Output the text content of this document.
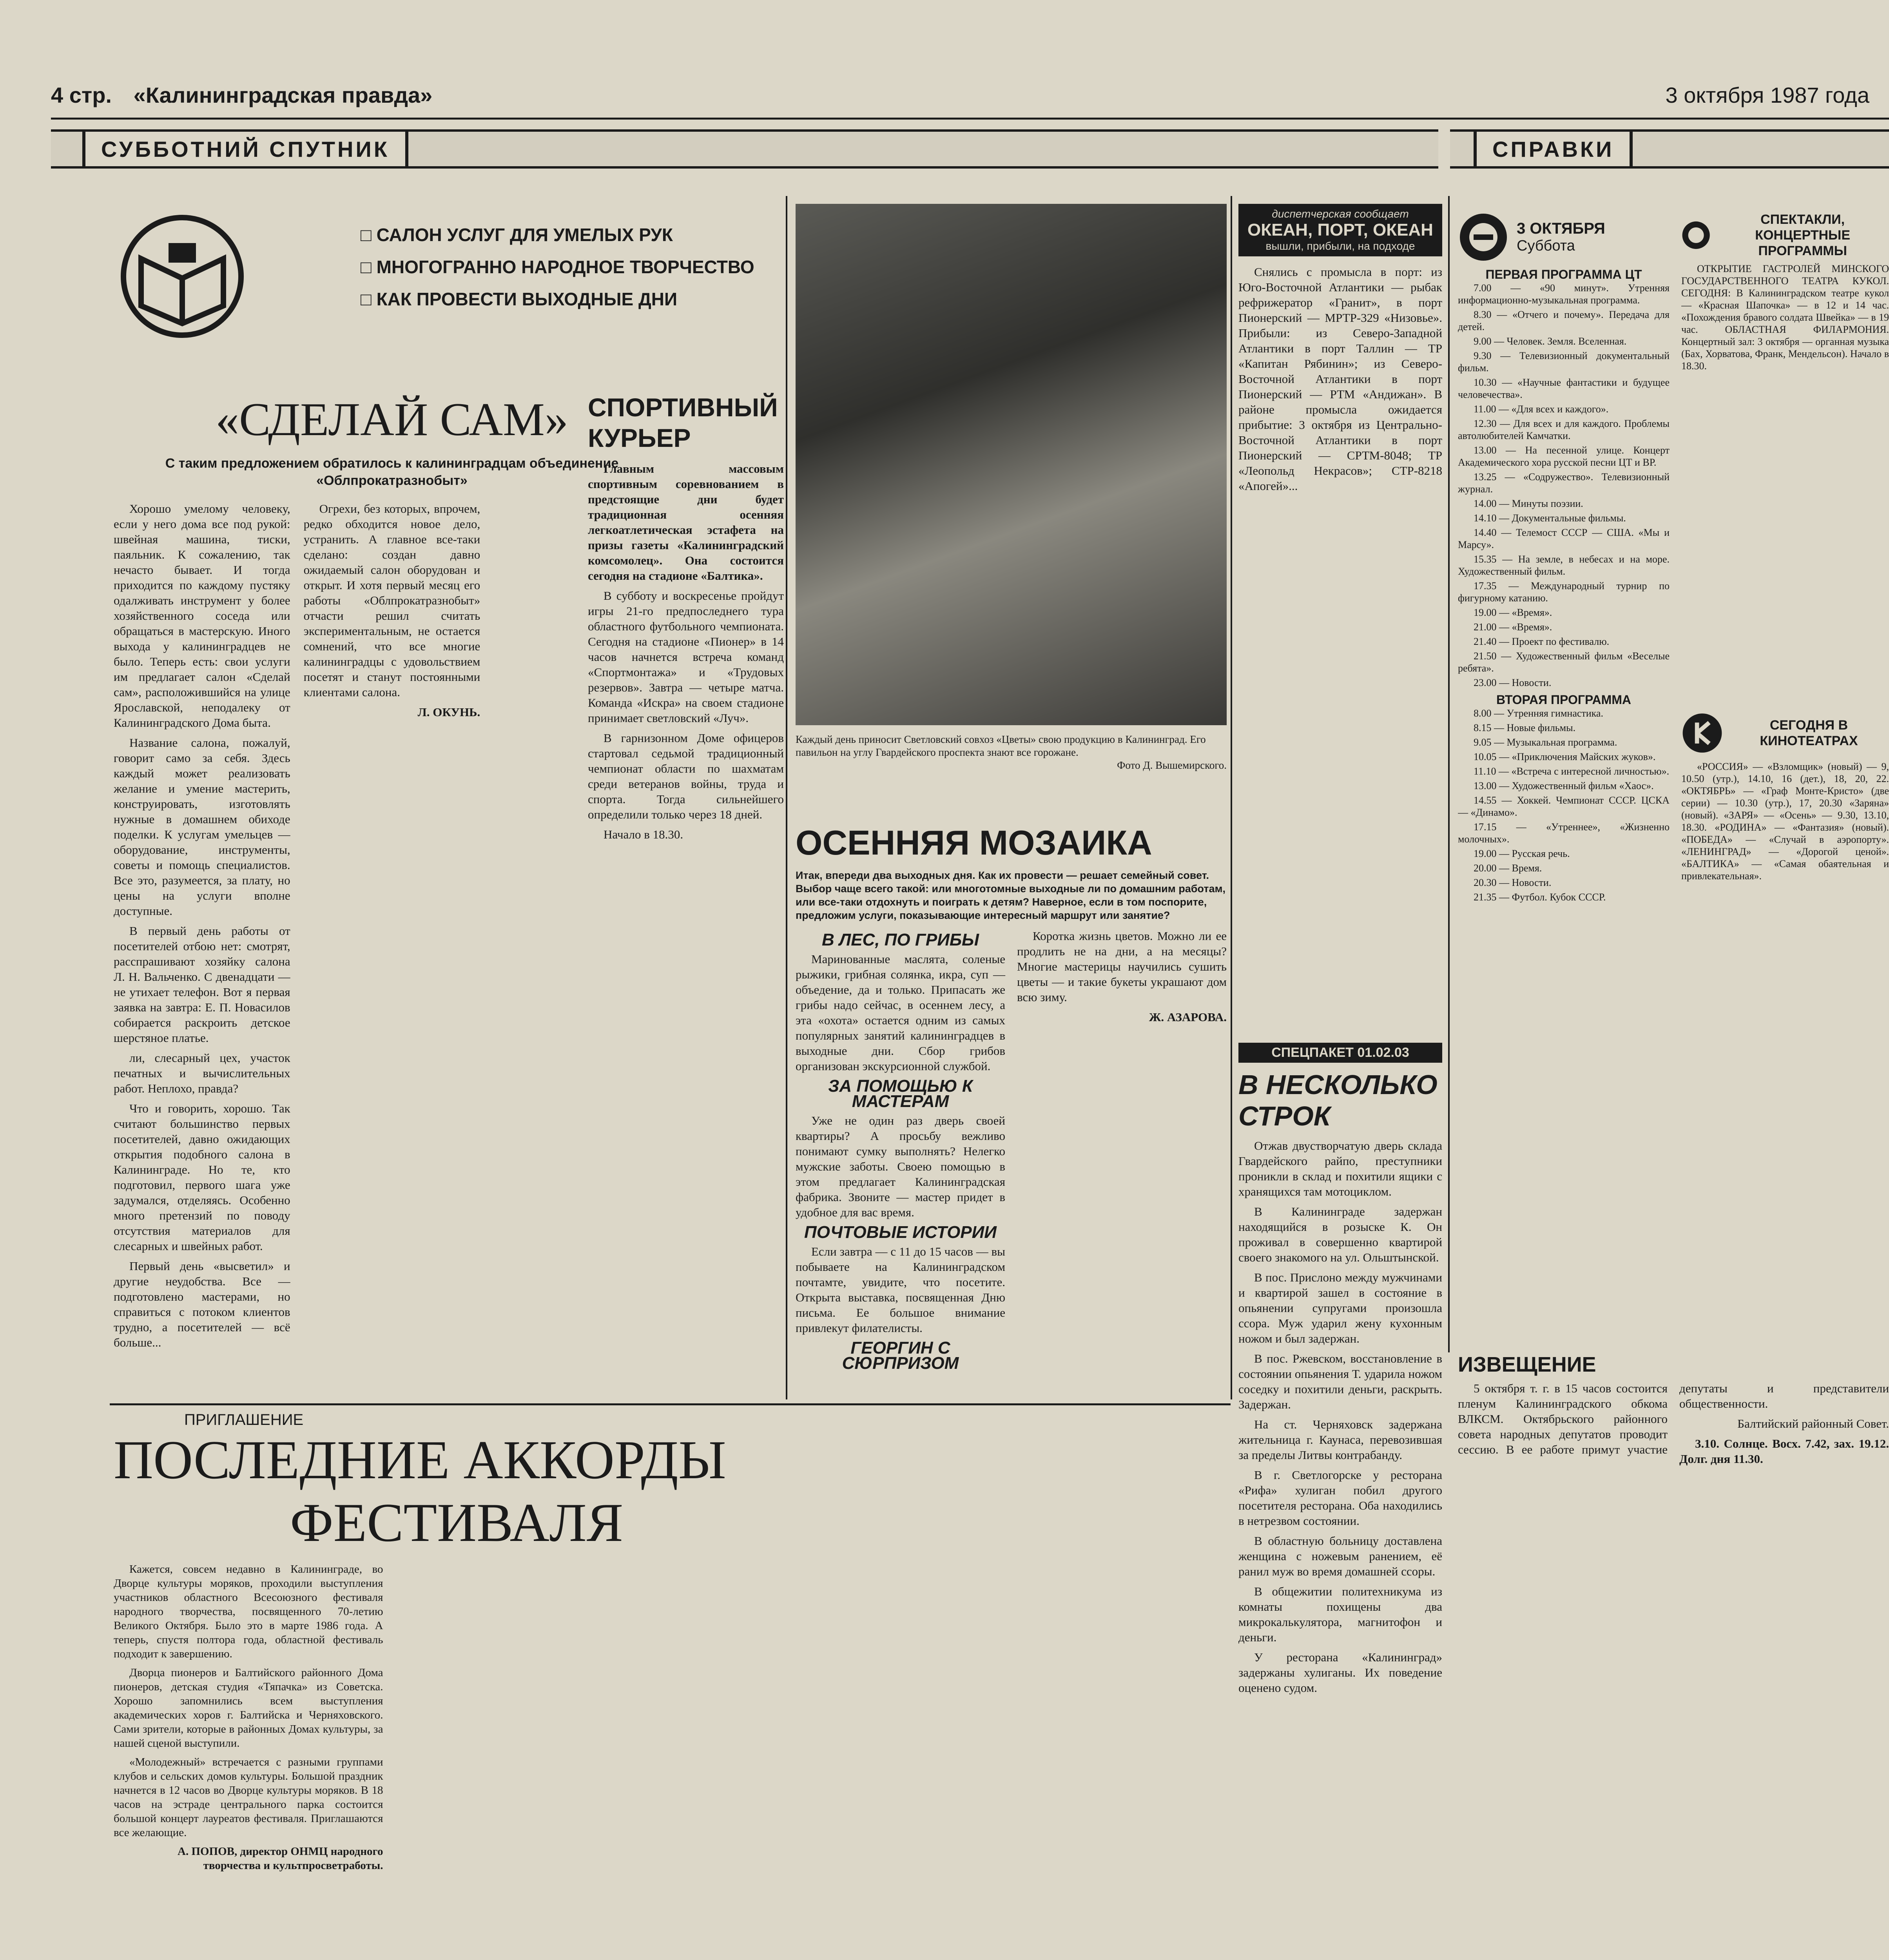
4 стр. «Калининградская правда»	3 октября 1987 года
СУББОТНИЙ СПУТНИК	СПРАВКИ
□ САЛОН УСЛУГ ДЛЯ УМЕЛЫХ РУК
□ МНОГОГРАННО НАРОДНОЕ ТВОРЧЕСТВО
□ КАК ПРОВЕСТИ ВЫХОДНЫЕ ДНИ
«СДЕЛАЙ САМ»
С таким предложением обратилось к калининградцам объединение «Облпрокатразнобыт»

Хорошо умелому человеку, если у него дома все под рукой: швейная машина, тиски, паяльник. К сожалению, так нечасто бывает. И тогда приходится по каждому пустяку одалживать инструмент у более хозяйственного соседа или обращаться в мастерскую. Иного выхода у калининградцев не было. Теперь есть: свои услуги им предлагает салон «Сделай сам», расположившийся на улице Ярославской, неподалеку от Калининградского Дома быта.

Название салона, пожалуй, говорит само за себя. Здесь каждый может реализовать желание и умение мастерить, конструировать, изготовлять нужные в домашнем обиходе поделки. К услугам умельцев — оборудование, инструменты, советы и помощь специалистов. Все это, разумеется, за плату, но цены на услуги вполне доступные.

В первый день работы от посетителей отбою нет: смотрят, расспрашивают хозяйку салона Л. Н. Вальченко. С двенадцати — не утихает телефон. Вот я первая заявка на завтра: Е. П. Новасилов собирается раскроить детское шерстяное платье.

ли, слесарный цех, участок печатных и вычислительных работ. Неплохо, правда?

Что и говорить, хорошо. Так считают большинство первых посетителей, давно ожидающих открытия подобного салона в Калининграде. Но те, кто подготовил, первого шага уже задумался, отделяясь. Особенно много претензий по поводу отсутствия материалов для слесарных и швейных работ.

Первый день «высветил» и другие неудобства. Все — подготовлено мастерами, но справиться с потоком клиентов трудно, а посетителей — всё больше...

Огрехи, без которых, впрочем, редко обходится новое дело, устранить. А главное все-таки сделано: создан давно ожидаемый салон оборудован и открыт. И хотя первый месяц его работы «Облпрокатразнобыт» отчасти решил считать экспериментальным, не остается сомнений, что все многие калининградцы с удовольствием посетят и станут постоянными клиентами салона.

Л. ОКУНЬ.

СПОРТИВНЫЙ КУРЬЕР

Главным массовым спортивным соревнованием в предстоящие дни будет традиционная осенняя легкоатлетическая эстафета на призы газеты «Калининградский комсомолец». Она состоится сегодня на стадионе «Балтика».

В субботу и воскресенье пройдут игры 21-го предпоследнего тура областного футбольного чемпионата. Сегодня на стадионе «Пионер» в 14 часов начнется встреча команд «Спортмонтажа» и «Трудовых резервов». Завтра — четыре матча. Команда «Искра» на своем стадионе принимает светловский «Луч».

В гарнизонном Доме офицеров стартовал седьмой традиционный чемпионат области по шахматам среди ветеранов войны, труда и спорта. Тогда сильнейшего определили только через 18 дней.

Начало в 18.30.

Каждый день приносит Светловский совхоз «Цветы» свою продукцию в Калининград. Его павильон на углу Гвардейского проспекта знают все горожане.
Фото Д. Вышемирского.
ОСЕННЯЯ МОЗАИКА
Итак, впереди два выходных дня. Как их провести — решает семейный совет. Выбор чаще всего такой: или многотомные выходные ли по домашним работам, или все-таки отдохнуть и поиграть к детям? Наверное, если в том поспорите, предложим услуги, показывающие интересный маршрут или занятие?
В ЛЕС, ПО ГРИБЫ

Маринованные маслята, соленые рыжики, грибная солянка, икра, суп — объедение, да и только. Припасать же грибы надо сейчас, в осеннем лесу, а эта «охота» остается одним из самых популярных занятий калининградцев в выходные дни. Сбор грибов организован экскурсионной службой.

ЗА ПОМОЩЬЮ К МАСТЕРАМ

Уже не один раз дверь своей квартиры? А просьбу вежливо понимают сумку выполнять? Нелегко мужские заботы. Своею помощью в этом предлагает Калининградская фабрика. Звоните — мастер придет в удобное для вас время.

ПОЧТОВЫЕ ИСТОРИИ

Если завтра — с 11 до 15 часов — вы побываете на Калининградском почтамте, увидите, что посетите. Открыта выставка, посвященная Дню письма. Ее большое внимание привлекут филателисты.

ГЕОРГИН С СЮРПРИЗОМ

Коротка жизнь цветов. Можно ли ее продлить не на дни, а на месяцы? Многие мастерицы научились сушить цветы — и такие букеты украшают дом всю зиму.

Ж. АЗАРОВА.

диспетчерская сообщает
ОКЕАН, ПОРТ, ОКЕАН
вышли, прибыли, на подходе

Снялись с промысла в порт: из Юго-Восточной Атлантики — рыбак рефрижератор «Гранит», в порт Пионерский — МРТР-329 «Низовье». Прибыли: из Северо-Западной Атлантики в порт Таллин — ТР «Капитан Рябинин»; из Северо-Восточной Атлантики в порт Пионерский — РТМ «Андижан». В районе промысла ожидается прибытие: 3 октября из Центрально-Восточной Атлантики в порт Пионерский — СРТМ-8048; ТР «Леопольд Некрасов»; СТР-8218 «Апогей»...

СПЕЦПАКЕТ 01.02.03
В НЕСКОЛЬКО СТРОК

Отжав двустворчатую дверь склада Гвардейского райпо, преступники проникли в склад и похитили ящики с хранящихся там мотоциклом.

В Калининграде задержан находящийся в розыске К. Он проживал в совершенно квартирой своего знакомого на ул. Ольштынской.

В пос. Прислоно между мужчинами и квартирой зашел в состояние в опьянении супругами произошла ссора. Муж ударил жену кухонным ножом и был задержан.

В пос. Ржевском, восстановление в состоянии опьянения Т. ударила ножом соседку и похитили деньги, раскрыть. Задержан.

На ст. Черняховск задержана жительница г. Каунаса, перевозившая за пределы Литвы контрабанду.

В г. Светлогорске у ресторана «Рифа» хулиган побил другого посетителя ресторана. Оба находились в нетрезвом состоянии.

В областную больницу доставлена женщина с ножевым ранением, её ранил муж во время домашней ссоры.

В общежитии политехникума из комнаты похищены два микрокалькулятора, магнитофон и деньги.

У ресторана «Калининград» задержаны хулиганы. Их поведение оценено судом.

3 ОКТЯБРЯ
Суббота
ПЕРВАЯ ПРОГРАММА ЦТ

7.00 — «90 минут». Утренняя информационно-музыкальная программа.

8.30 — «Отчего и почему». Передача для детей.

9.00 — Человек. Земля. Вселенная.

9.30 — Телевизионный документальный фильм.

10.30 — «Научные фантастики и будущее человечества».

11.00 — «Для всех и каждого».

12.30 — Для всех и для каждого. Проблемы автолюбителей Камчатки.

13.00 — На песенной улице. Концерт Академического хора русской песни ЦТ и ВР.

13.25 — «Содружество». Телевизионный журнал.

14.00 — Минуты поэзии.

14.10 — Документальные фильмы.

14.40 — Телемост СССР — США. «Мы и Марсу».

15.35 — На земле, в небесах и на море. Художественный фильм.

17.35 — Международный турнир по фигурному катанию.

19.00 — «Время».

21.00 — «Время».

21.40 — Проект по фестивалю.

21.50 — Художественный фильм «Веселые ребята».

23.00 — Новости.

ВТОРАЯ ПРОГРАММА

8.00 — Утренняя гимнастика.

8.15 — Новые фильмы.

9.05 — Музыкальная программа.

10.05 — «Приключения Майских жуков».

11.10 — «Встреча с интересной личностью».

13.00 — Художественный фильм «Хаос».

14.55 — Хоккей. Чемпионат СССР. ЦСКА — «Динамо».

17.15 — «Утреннее», «Жизненно молочных».

19.00 — Русская речь.

20.00 — Время.

20.30 — Новости.

21.35 — Футбол. Кубок СССР.

СПЕКТАКЛИ, КОНЦЕРТНЫЕ ПРОГРАММЫ

ОТКРЫТИЕ ГАСТРОЛЕЙ МИНСКОГО ГОСУДАРСТВЕННОГО ТЕАТРА КУКОЛ. СЕГОДНЯ: В Калининградском театре кукол — «Красная Шапочка» — в 12 и 14 час. «Похождения бравого солдата Швейка» — в 19 час. ОБЛАСТНАЯ ФИЛАРМОНИЯ. Концертный зал: 3 октября — органная музыка (Бах, Хорватова, Франк, Мендельсон). Начало в 18.30.

СЕГОДНЯ В КИНОТЕАТРАХ

«РОССИЯ» — «Взломщик» (новый) — 9, 10.50 (утр.), 14.10, 16 (дет.), 18, 20, 22. «ОКТЯБРЬ» — «Граф Монте-Кристо» (две серии) — 10.30 (утр.), 17, 20.30 «Заряна» (новый). «ЗАРЯ» — «Осень» — 9.30, 13.10, 18.30. «РОДИНА» — «Фантазия» (новый). «ПОБЕДА» — «Случай в аэропорту». «ЛЕНИНГРАД» — «Дорогой ценой». «БАЛТИКА» — «Самая обаятельная и привлекательная».

ИЗВЕЩЕНИЕ

5 октября т. г. в 15 часов состоится пленум Калининградского обкома ВЛКСМ. Октябрьского районного совета народных депутатов проводит сессию. В ее работе примут участие депутаты и представители общественности.

Балтийский районный Совет.

3.10. Солнце. Восх. 7.42, зах. 19.12. Долг. дня 11.30.

ПРИГЛАШЕНИЕ
ПОСЛЕДНИЕ АККОРДЫ
ФЕСТИВАЛЯ

Кажется, совсем недавно в Калининграде, во Дворце культуры моряков, проходили выступления участников областного Всесоюзного фестиваля народного творчества, посвященного 70-летию Великого Октября. Было это в марте 1986 года. А теперь, спустя полтора года, областной фестиваль подходит к завершению.

Дворца пионеров и Балтийского районного Дома пионеров, детская студия «Тяпачка» из Советска. Хорошо запомнились всем выступления академических хоров г. Балтийска и Черняховского. Сами зрители, которые в районных Домах культуры, за нашей сценой выступили.

«Молодежный» встречается с разными группами клубов и сельских домов культуры. Большой праздник начнется в 12 часов во Дворце культуры моряков. В 18 часов на эстраде центрального парка состоится большой концерт лауреатов фестиваля. Приглашаются все желающие.

А. ПОПОВ, директор ОНМЦ народного творчества и культпросветработы.
